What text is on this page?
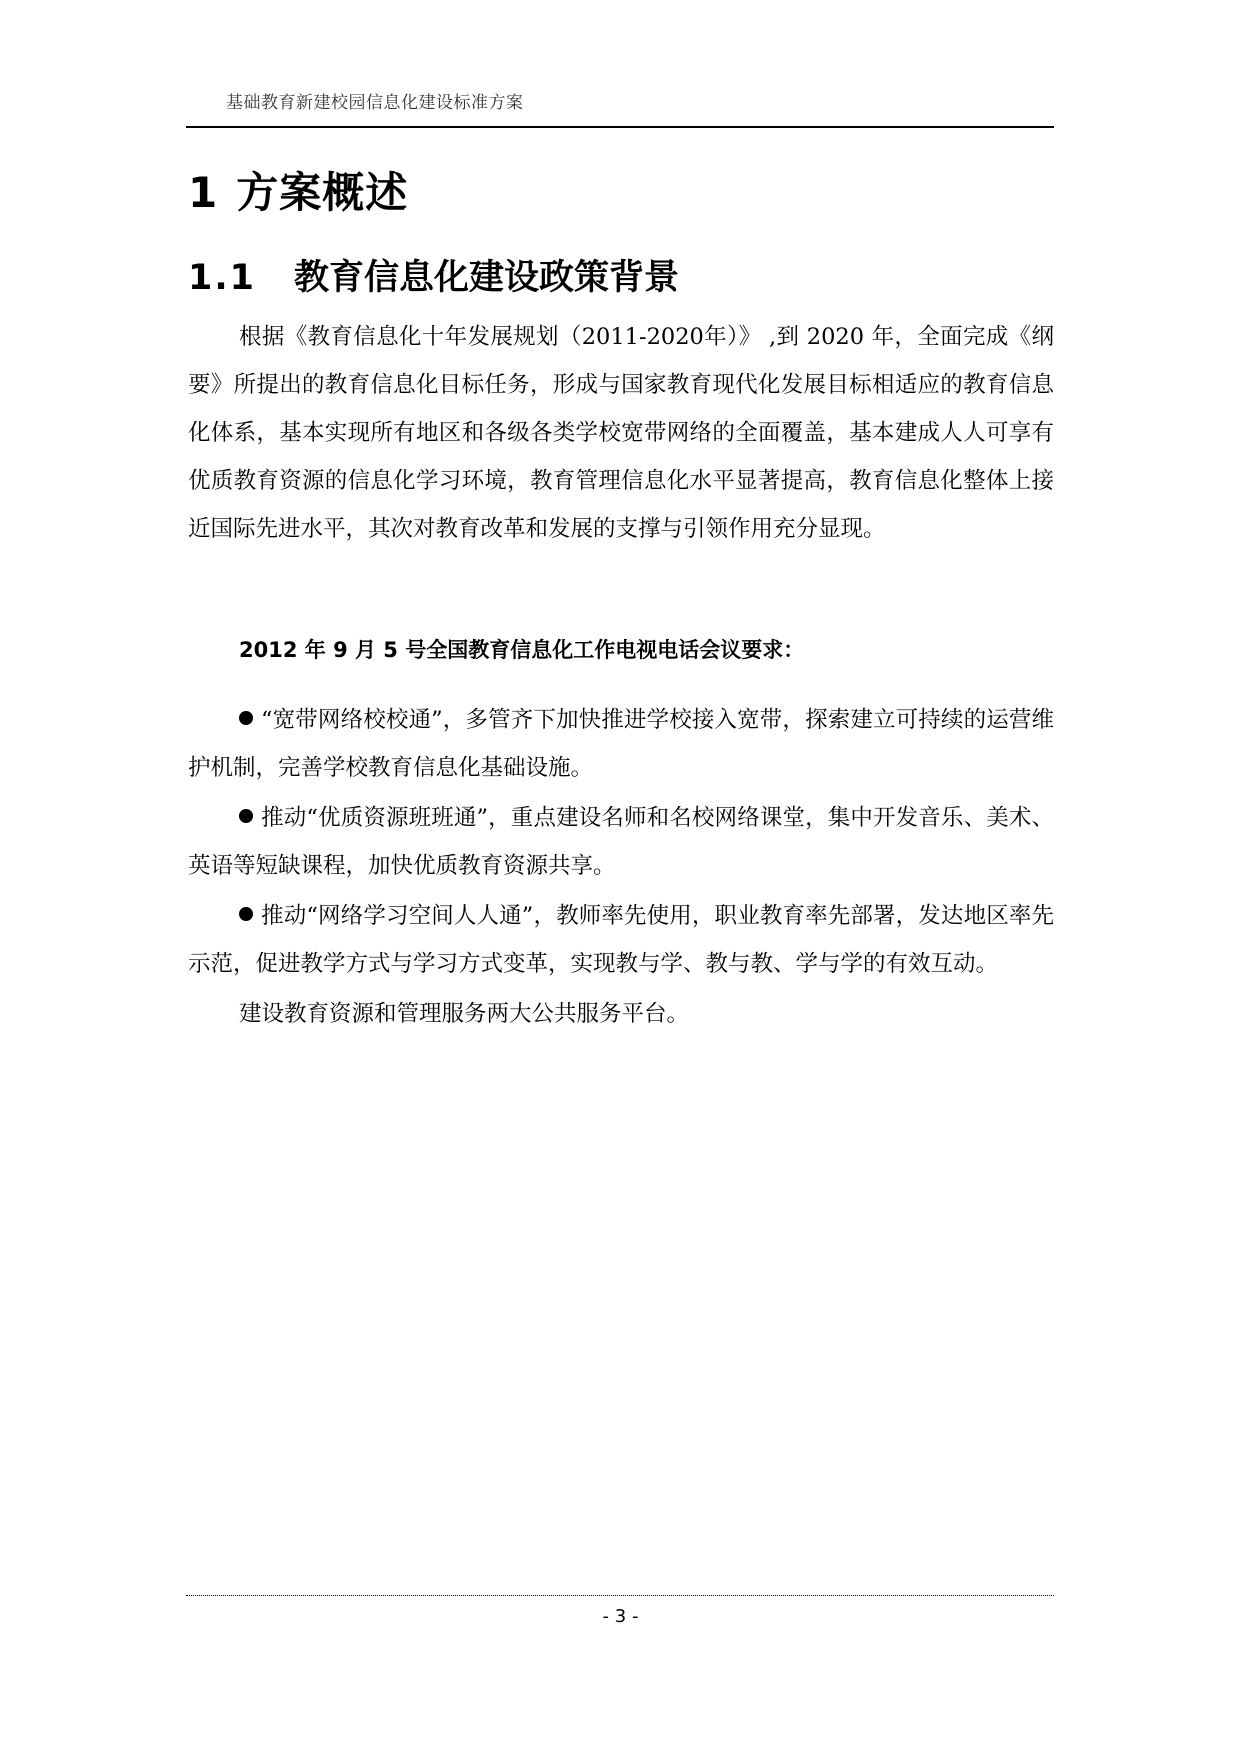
基础教育新建校园信息化建设标准方案
1 方案概述
1.1 教育信息化建设政策背景

根据《教育信息化十年发展规划（2011-2020年）》 ,到 2020 年，全面完成《纲要》所提出的教育信息化目标任务，形成与国家教育现代化发展目标相适应的教育信息化体系，基本实现所有地区和各级各类学校宽带网络的全面覆盖，基本建成人人可享有优质教育资源的信息化学习环境，教育管理信息化水平显著提高，教育信息化整体上接近国际先进水平，其次对教育改革和发展的支撑与引领作用充分显现。

2012 年 9 月 5 号全国教育信息化工作电视电话会议要求：

“宽带网络校校通”，多管齐下加快推进学校接入宽带，探索建立可持续的运营维护机制，完善学校教育信息化基础设施。

推动“优质资源班班通”，重点建设名师和名校网络课堂，集中开发音乐、美术、英语等短缺课程，加快优质教育资源共享。

推动“网络学习空间人人通”，教师率先使用，职业教育率先部署，发达地区率先示范，促进教学方式与学习方式变革，实现教与学、教与教、学与学的有效互动。

建设教育资源和管理服务两大公共服务平台。

- 3 -
